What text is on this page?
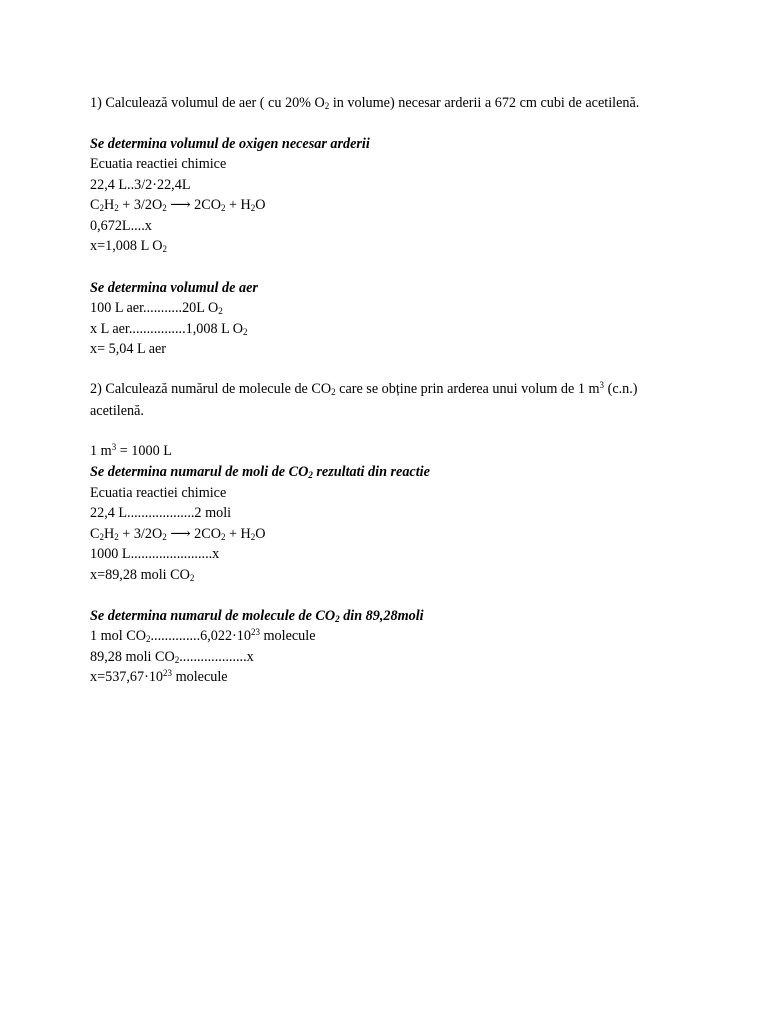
1) Calculează volumul de aer ( cu 20% $O_2$ in volume) necesar arderii a 672 cm cubi de acetilenă.
Se determina volumul de oxigen necesar arderii
Ecuatia reactiei chimice
22,4 L..3/2·22,4L
$C_2H_2 + 3/2O_2$ ⟶ $2CO_2 + H_2O$
0,672L....x
x=1,008 L $O_2$
Se determina volumul de aer
100 L aer...........20L $O_2$
x L aer................1,008 L $O_2$
x= 5,04 L aer
2) Calculează numărul de molecule de $CO_2$ care se obține prin arderea unui volum de 1 $m^3$ (c.n.)
acetilenă.
1 $m^3 = 1000$ L
Se determina numarul de moli de $CO_2$ rezultati din reactie
Ecuatia reactiei chimice
22,4 L...................2 moli
$C_2H_2 + 3/2O_2$ ⟶ $2CO_2 + H_2O$
1000 L.......................x
x=89,28 moli $CO_2$
Se determina numarul de molecule de $CO_2$ din 89,28moli
1 mol $CO_2..............6,022\cdot 10^{23}$ molecule
89,28 moli $CO_2...................x$
$x=537,67\cdot 10^{23}$ molecule
